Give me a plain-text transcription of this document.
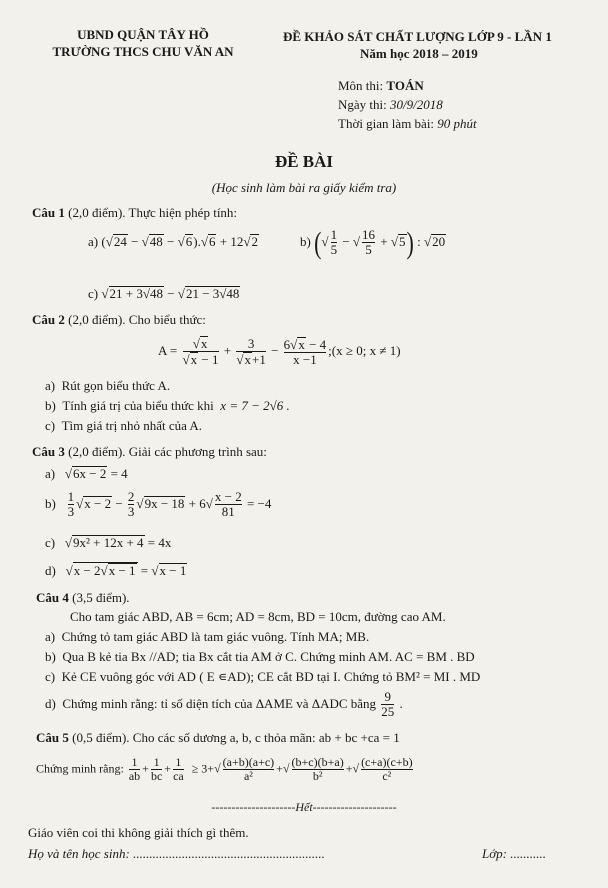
UBND QUẬN TÂY HỒ
TRƯỜNG THCS CHU VĂN AN
ĐỀ KHẢO SÁT CHẤT LƯỢNG LỚP 9 - LẦN 1
Năm học 2018 – 2019
Môn thi: TOÁN
Ngày thi: 30/9/2018
Thời gian làm bài: 90 phút
ĐỀ BÀI
(Học sinh làm bài ra giấy kiểm tra)
Câu 1 (2,0 điểm). Thực hiện phép tính:
a) (√24 − √48 − √6).√6 + 12√2	b) (√ $\frac{1}{5}$ − √ $\frac{16}{5} + √5$) : √20
c) √21 + 3√48 − √21 − 3√48
Câu 2 (2,0 điểm). Cho biểu thức:
$A = \frac{√x}{√x - 1} + \frac{3}{√x+1} - \frac{6√x - 4}{x -1}$ ;(x ≥ 0; x ≠ 1)
a)  Rút gọn biểu thức A.
b)  Tính giá trị của biểu thức khi x = 7 − 2√6 .
c)  Tìm giá trị nhỏ nhất của A.
Câu 3 (2,0 điểm). Giải các phương trình sau:
a)   √6x − 2 = 4
$b) \frac{1}{3} √x - 2 - \frac{2}{3} √9x - 18 + 6√ \frac{x - 2}{81} = -4$
c)   √9x² + 12x + 4 = 4x
d)   √x − 2√x − 1 = √x − 1
Câu 4 (3,5 điểm).
Cho tam giác ABD, AB = 6cm; AD = 8cm, BD = 10cm, đường cao AM.
a)  Chứng tỏ tam giác ABD là tam giác vuông. Tính MA; MB.
b)  Qua B kẻ tia Bx //AD; tia Bx cắt tia AM ở C. Chứng minh AM. AC = BM . BD
c)  Kẻ CE vuông góc với AD ( E ∊AD); CE cắt BD tại I. Chứng tỏ BM² = MI . MD
d)  Chứng minh rằng: tỉ số diện tích của ΔAME và ΔADC bằng $\frac{9}{25}$ .
Câu 5 (0,5 điểm). Cho các số dương a, b, c thỏa mãn: ab + bc +ca = 1
Chứng minh rằng: $\frac{1}{ab} + \frac{1}{bc} + \frac{1}{ca} \ge 3+√ \frac{(a+b)(a+c)}{\text{a²}}$ +√ $\frac{(b+c)(b+a)}{\text{b²}}$ +√ $\frac{(c+a)(c+b)}{\text{c²}}$
---------------------Hết---------------------
Giáo viên coi thi không giải thích gì thêm.
Họ và tên học sinh: ...........................................................	Lớp: ...........
